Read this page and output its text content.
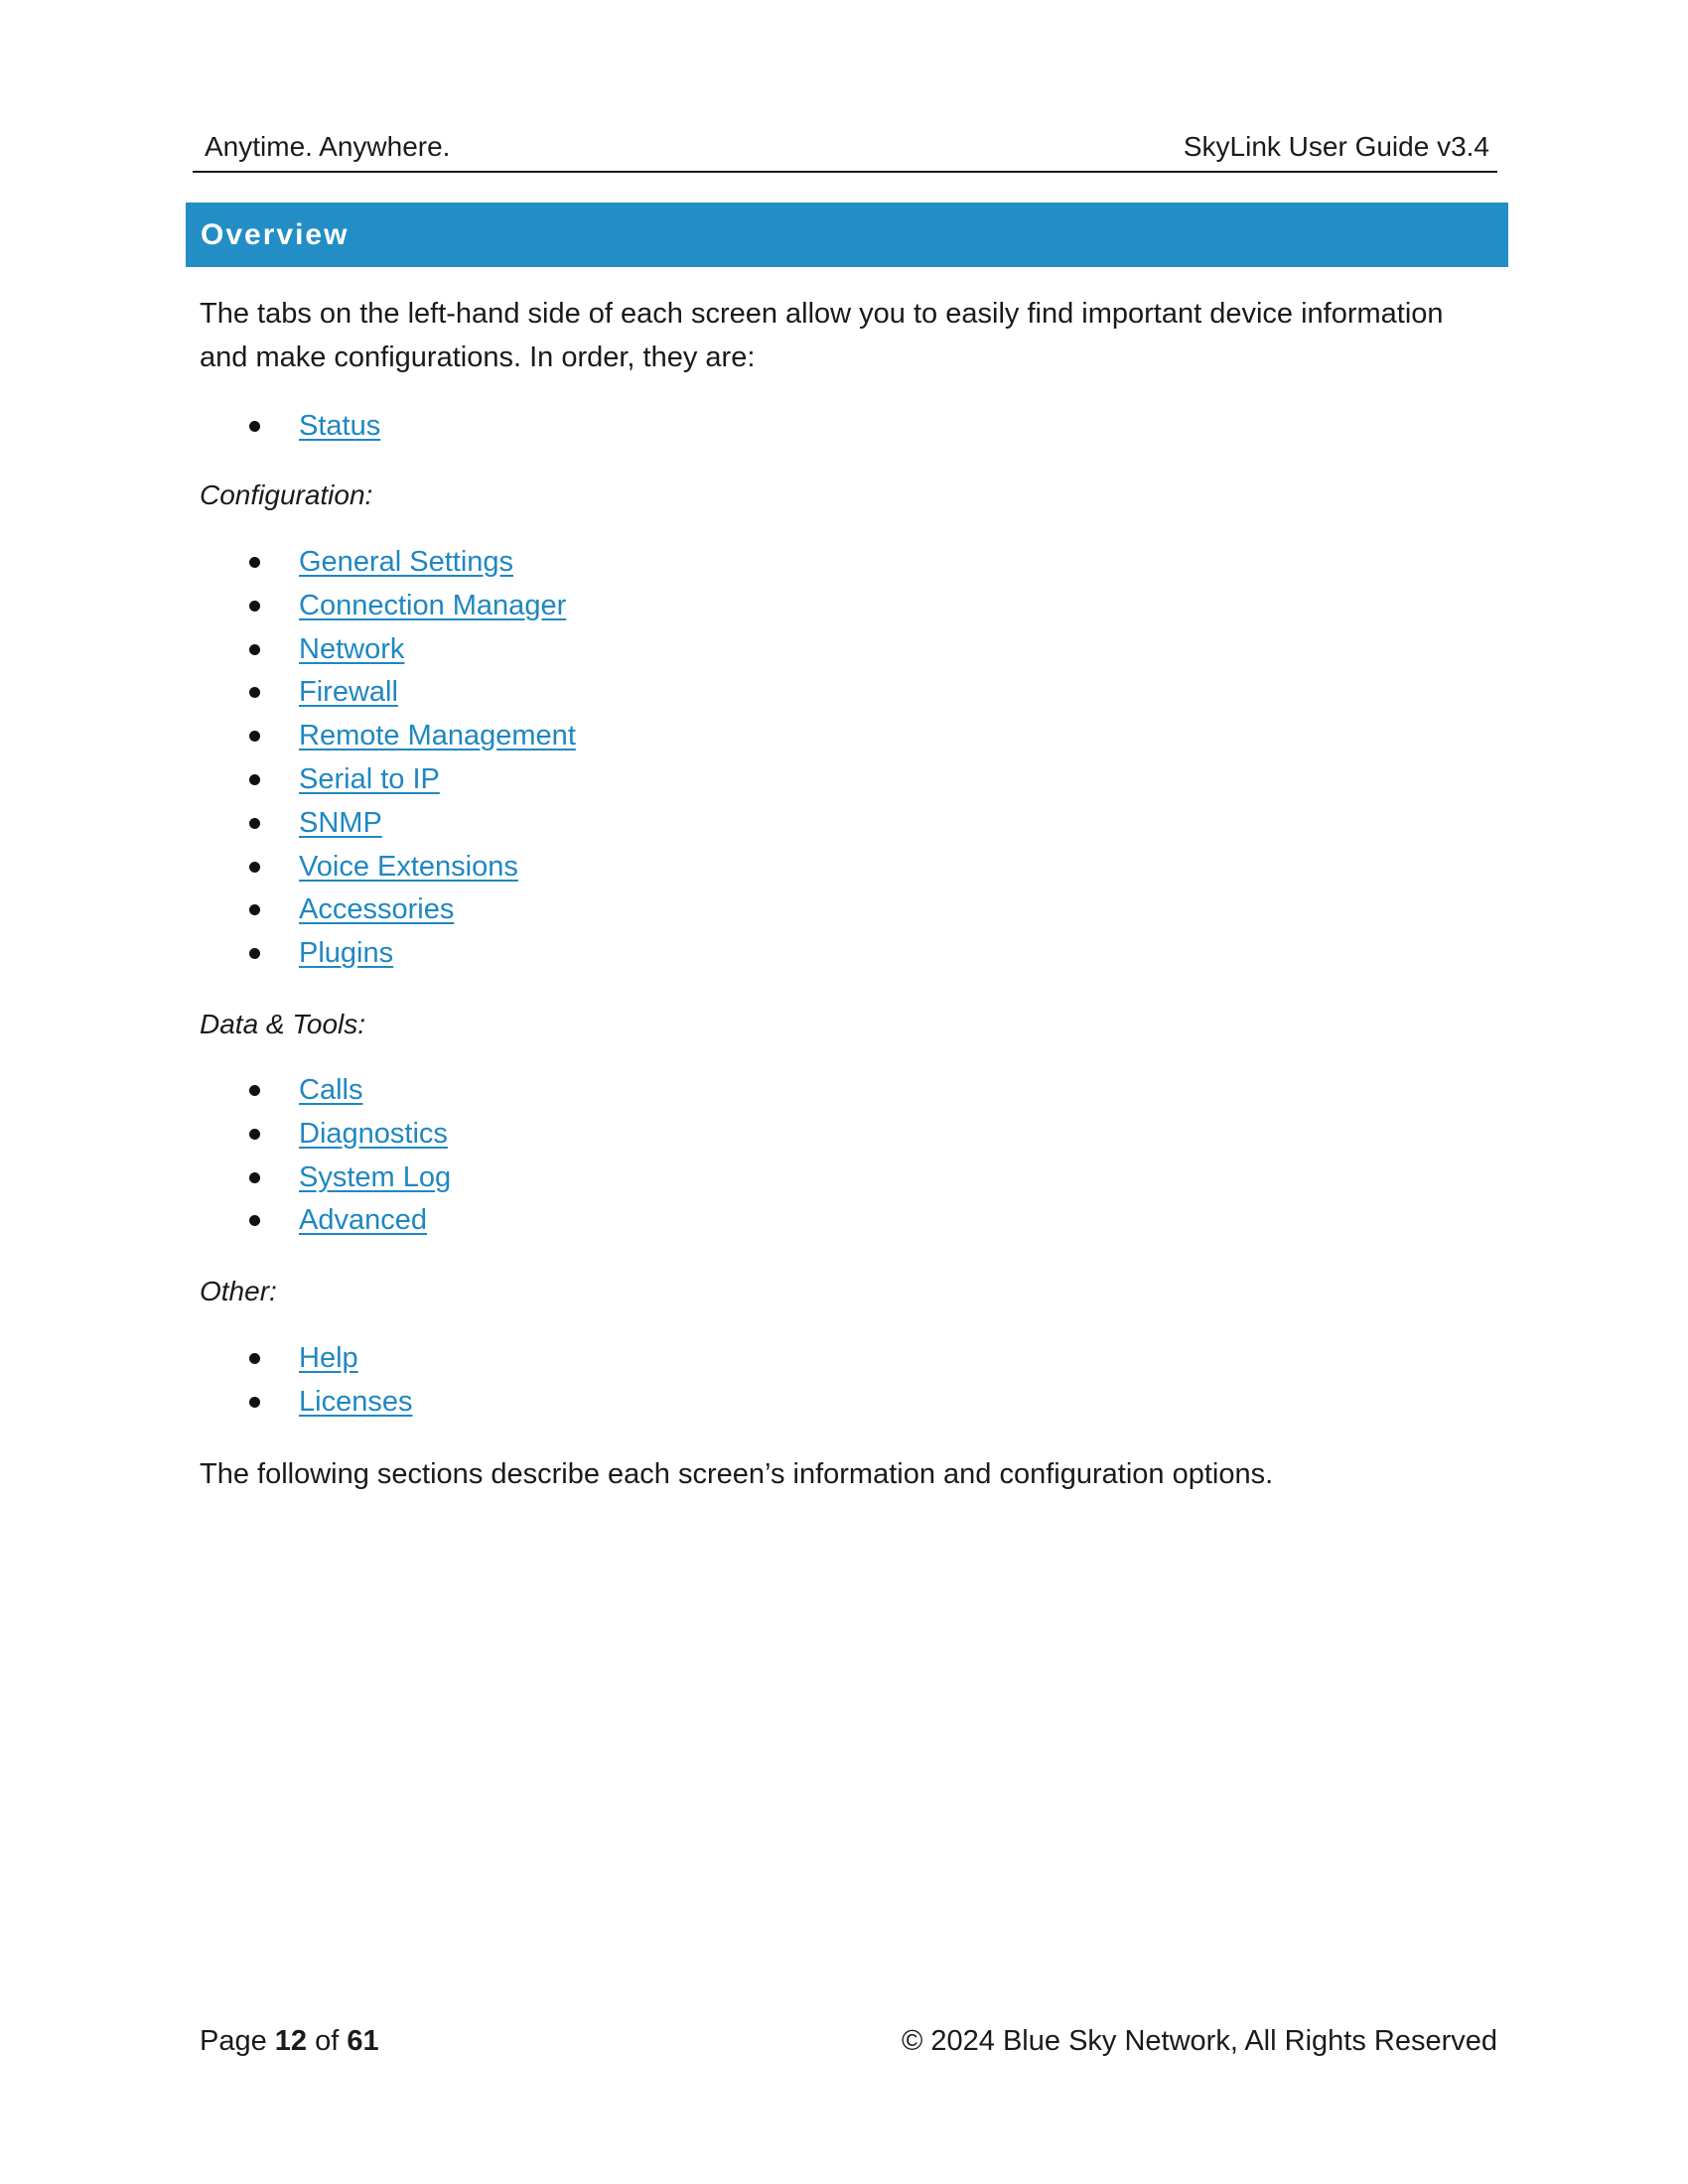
Anytime. Anywhere.	SkyLink User Guide v3.4
Overview
The tabs on the left-hand side of each screen allow you to easily find important device information and make configurations. In order, they are:
Status
Configuration:
General Settings
Connection Manager
Network
Firewall
Remote Management
Serial to IP
SNMP
Voice Extensions
Accessories
Plugins
Data & Tools:
Calls
Diagnostics
System Log
Advanced
Other:
Help
Licenses
The following sections describe each screen’s information and configuration options.
Page 12 of 61	© 2024 Blue Sky Network, All Rights Reserved
